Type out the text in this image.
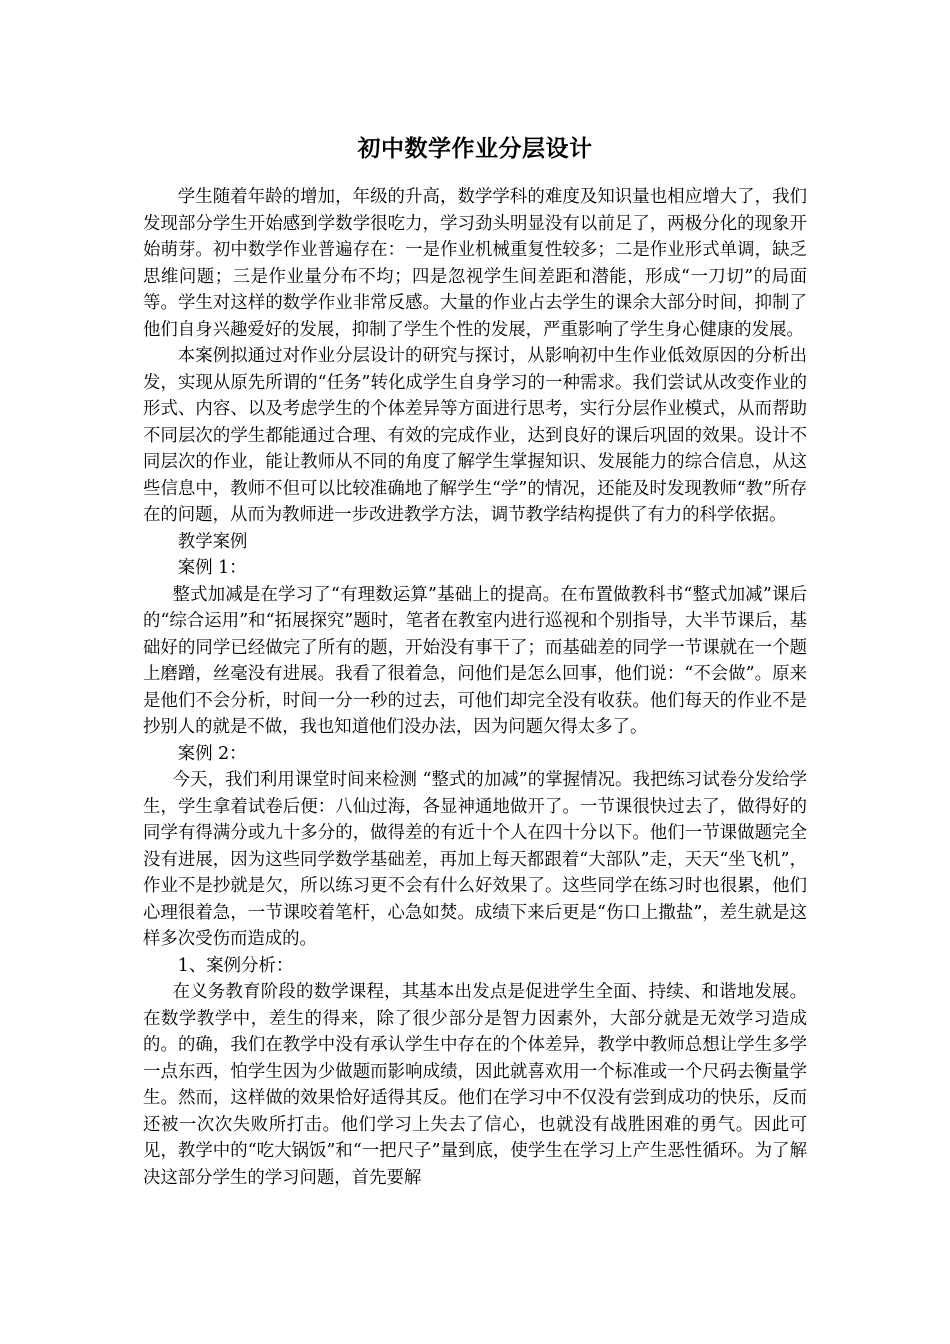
初中数学作业分层设计

学生随着年龄的增加，年级的升高，数学学科的难度及知识量也相应增大了，我们发现部分学生开始感到学数学很吃力，学习劲头明显没有以前足了，两极分化的现象开始萌芽。初中数学作业普遍存在：一是作业机械重复性较多；二是作业形式单调，缺乏思维问题；三是作业量分布不均；四是忽视学生间差距和潜能，形成“一刀切”的局面等。学生对这样的数学作业非常反感。大量的作业占去学生的课余大部分时间，抑制了他们自身兴趣爱好的发展，抑制了学生个性的发展，严重影响了学生身心健康的发展。

本案例拟通过对作业分层设计的研究与探讨，从影响初中生作业低效原因的分析出发，实现从原先所谓的“任务”转化成学生自身学习的一种需求。我们尝试从改变作业的形式、内容、以及考虑学生的个体差异等方面进行思考，实行分层作业模式，从而帮助不同层次的学生都能通过合理、有效的完成作业，达到良好的课后巩固的效果。设计不同层次的作业，能让教师从不同的角度了解学生掌握知识、发展能力的综合信息，从这些信息中，教师不但可以比较准确地了解学生“学”的情况，还能及时发现教师“教”所存在的问题，从而为教师进一步改进教学方法，调节教学结构提供了有力的科学依据。

教学案例

案例 1：

整式加减是在学习了“有理数运算”基础上的提高。在布置做教科书“整式加减”课后的“综合运用”和“拓展探究”题时，笔者在教室内进行巡视和个别指导，大半节课后，基础好的同学已经做完了所有的题，开始没有事干了；而基础差的同学一节课就在一个题上磨蹭，丝毫没有进展。我看了很着急，问他们是怎么回事，他们说：“不会做”。原来是他们不会分析，时间一分一秒的过去，可他们却完全没有收获。他们每天的作业不是抄别人的就是不做，我也知道他们没办法，因为问题欠得太多了。

案例 2：

今天，我们利用课堂时间来检测 “整式的加减”的掌握情况。我把练习试卷分发给学生，学生拿着试卷后便：八仙过海，各显神通地做开了。一节课很快过去了，做得好的同学有得满分或九十多分的，做得差的有近十个人在四十分以下。他们一节课做题完全没有进展，因为这些同学数学基础差，再加上每天都跟着“大部队”走，天天“坐飞机”，作业不是抄就是欠，所以练习更不会有什么好效果了。这些同学在练习时也很累，他们心理很着急，一节课咬着笔杆，心急如焚。成绩下来后更是“伤口上撒盐”，差生就是这样多次受伤而造成的。

1、案例分析：

在义务教育阶段的数学课程，其基本出发点是促进学生全面、持续、和谐地发展。在数学教学中，差生的得来，除了很少部分是智力因素外，大部分就是无效学习造成的。的确，我们在教学中没有承认学生中存在的个体差异，教学中教师总想让学生多学一点东西，怕学生因为少做题而影响成绩，因此就喜欢用一个标准或一个尺码去衡量学生。然而，这样做的效果恰好适得其反。他们在学习中不仅没有尝到成功的快乐，反而还被一次次失败所打击。他们学习上失去了信心，也就没有战胜困难的勇气。因此可见，教学中的“吃大锅饭”和“一把尺子”量到底，使学生在学习上产生恶性循环。为了解决这部分学生的学习问题，首先要解
